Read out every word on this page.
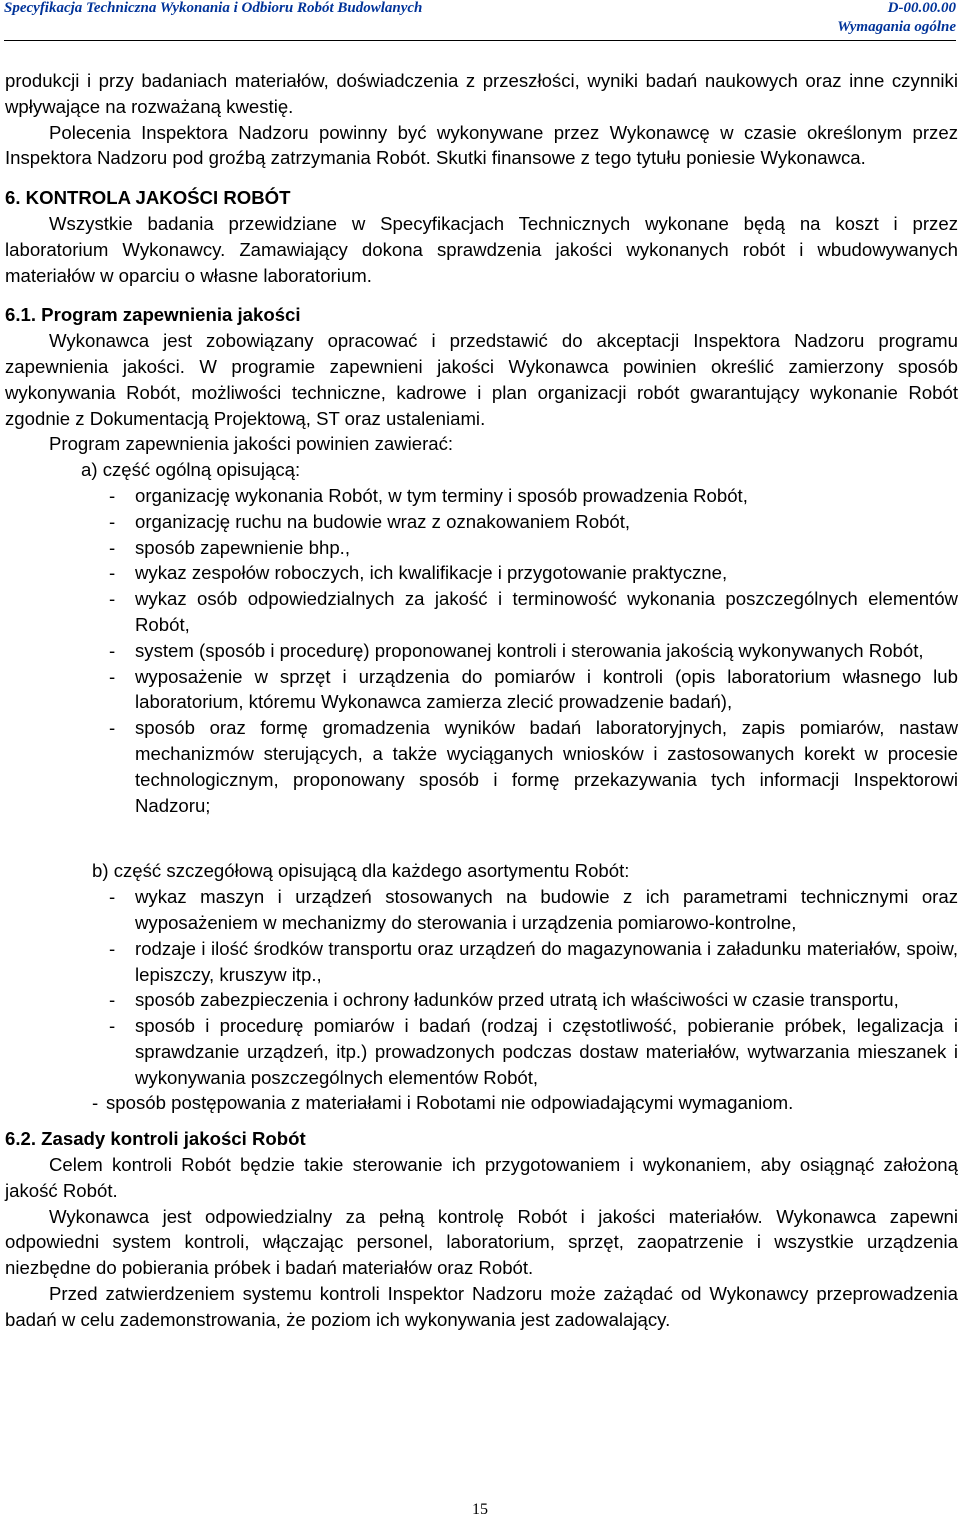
Specyfikacja Techniczna Wykonania i Odbioru Robót Budowlanych	D-00.00.00
Wymagania ogólne

produkcji i przy badaniach materiałów, doświadczenia z przeszłości, wyniki badań naukowych oraz inne czynniki wpływające na rozważaną kwestię.

Polecenia Inspektora Nadzoru powinny być wykonywane przez Wykonawcę w czasie określonym przez Inspektora Nadzoru pod groźbą zatrzymania Robót. Skutki finansowe z tego tytułu poniesie Wykonawca.

6. KONTROLA JAKOŚCI ROBÓT

Wszystkie badania przewidziane w Specyfikacjach Technicznych wykonane będą na koszt i przez laboratorium Wykonawcy. Zamawiający dokona sprawdzenia jakości wykonanych robót i wbudowywanych materiałów w oparciu o własne laboratorium.

6.1. Program zapewnienia jakości

Wykonawca jest zobowiązany opracować i przedstawić do akceptacji Inspektora Nadzoru programu zapewnienia jakości. W programie zapewnieni jakości Wykonawca powinien określić zamierzony sposób wykonywania Robót, możliwości techniczne, kadrowe i plan organizacji robót gwarantujący wykonanie Robót zgodnie z Dokumentacją Projektową, ST oraz ustaleniami.

Program zapewnienia jakości powinien zawierać:

a) część ogólną opisującą:

- organizację wykonania Robót, w tym terminy i sposób prowadzenia Robót,
- organizację ruchu na budowie wraz z oznakowaniem Robót,
- sposób zapewnienie bhp.,
- wykaz zespołów roboczych, ich kwalifikacje i przygotowanie praktyczne,
- wykaz osób odpowiedzialnych za jakość i terminowość wykonania poszczególnych elementów Robót,
- system (sposób i procedurę) proponowanej kontroli i sterowania jakością wykonywanych Robót,
- wyposażenie w sprzęt i urządzenia do pomiarów i kontroli (opis laboratorium własnego lub laboratorium, któremu Wykonawca zamierza zlecić prowadzenie badań),
- sposób oraz formę gromadzenia wyników badań laboratoryjnych, zapis pomiarów, nastaw mechanizmów sterujących, a także wyciąganych wniosków i zastosowanych korekt w procesie technologicznym, proponowany sposób i formę przekazywania tych informacji Inspektorowi Nadzoru;

b) część szczegółową opisującą dla każdego asortymentu Robót:

- wykaz maszyn i urządzeń stosowanych na budowie z ich parametrami technicznymi oraz wyposażeniem w mechanizmy do sterowania i urządzenia pomiarowo-kontrolne,
- rodzaje i ilość środków transportu oraz urządzeń do magazynowania i załadunku materiałów, spoiw, lepiszczy, kruszyw itp.,
- sposób zabezpieczenia i ochrony ładunków przed utratą ich właściwości w czasie transportu,
- sposób i procedurę pomiarów i badań (rodzaj i częstotliwość, pobieranie próbek, legalizacja i sprawdzanie urządzeń, itp.) prowadzonych podczas dostaw materiałów, wytwarzania mieszanek i wykonywania poszczególnych elementów Robót,

- sposób postępowania z materiałami i Robotami nie odpowiadającymi wymaganiom.

6.2. Zasady kontroli jakości Robót

Celem kontroli Robót będzie takie sterowanie ich przygotowaniem i wykonaniem, aby osiągnąć założoną jakość Robót.

Wykonawca jest odpowiedzialny za pełną kontrolę Robót i jakości materiałów. Wykonawca zapewni odpowiedni system kontroli, włączając personel, laboratorium, sprzęt, zaopatrzenie i wszystkie urządzenia niezbędne do pobierania próbek i badań materiałów oraz Robót.

Przed zatwierdzeniem systemu kontroli Inspektor Nadzoru może zażądać od Wykonawcy przeprowadzenia badań w celu zademonstrowania, że poziom ich wykonywania jest zadowalający.

15
